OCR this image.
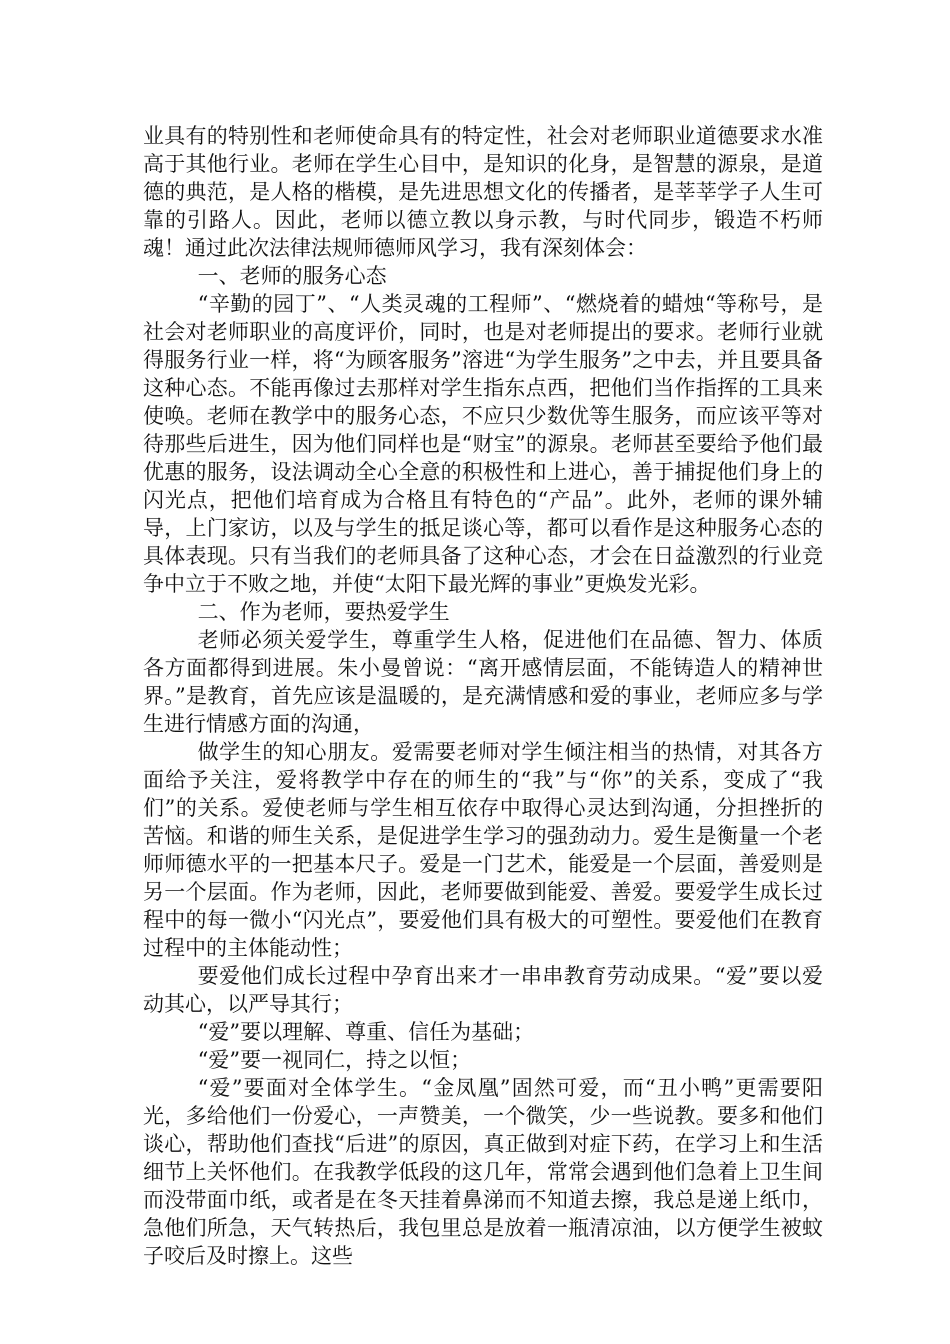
业具有的特别性和老师使命具有的特定性，社会对老师职业道德要求水准高于其他行业。老师在学生心目中，是知识的化身，是智慧的源泉，是道德的典范，是人格的楷模，是先进思想文化的传播者，是莘莘学子人生可靠的引路人。因此，老师以德立教以身示教，与时代同步，锻造不朽师魂！通过此次法律法规师德师风学习，我有深刻体会：

一、老师的服务心态

“辛勤的园丁”、“人类灵魂的工程师”、“燃烧着的蜡烛“等称号，是社会对老师职业的高度评价，同时，也是对老师提出的要求。老师行业就得服务行业一样，将“为顾客服务”溶进“为学生服务”之中去，并且要具备这种心态。不能再像过去那样对学生指东点西，把他们当作指挥的工具来使唤。老师在教学中的服务心态，不应只少数优等生服务，而应该平等对待那些后进生，因为他们同样也是“财宝”的源泉。老师甚至要给予他们最优惠的服务，设法调动全心全意的积极性和上进心，善于捕捉他们身上的闪光点，把他们培育成为合格且有特色的“产品”。此外，老师的课外辅导，上门家访，以及与学生的抵足谈心等，都可以看作是这种服务心态的具体表现。只有当我们的老师具备了这种心态，才会在日益激烈的行业竞争中立于不败之地，并使“太阳下最光辉的事业”更焕发光彩。

二、作为老师，要热爱学生

老师必须关爱学生，尊重学生人格，促进他们在品德、智力、体质各方面都得到进展。朱小曼曾说：“离开感情层面，不能铸造人的精神世界。”是教育，首先应该是温暖的，是充满情感和爱的事业，老师应多与学生进行情感方面的沟通，

做学生的知心朋友。爱需要老师对学生倾注相当的热情，对其各方面给予关注，爱将教学中存在的师生的“我”与“你”的关系，变成了“我们”的关系。爱使老师与学生相互依存中取得心灵达到沟通，分担挫折的苦恼。和谐的师生关系，是促进学生学习的强劲动力。爱生是衡量一个老师师德水平的一把基本尺子。爱是一门艺术，能爱是一个层面，善爱则是另一个层面。作为老师，因此，老师要做到能爱、善爱。要爱学生成长过程中的每一微小“闪光点”，要爱他们具有极大的可塑性。要爱他们在教育过程中的主体能动性；

要爱他们成长过程中孕育出来才一串串教育劳动成果。“爱”要以爱动其心，以严导其行；

“爱”要以理解、尊重、信任为基础；

“爱”要一视同仁，持之以恒；

“爱”要面对全体学生。“金凤凰”固然可爱，而“丑小鸭”更需要阳光，多给他们一份爱心，一声赞美，一个微笑，少一些说教。要多和他们谈心，帮助他们查找“后进”的原因，真正做到对症下药，在学习上和生活细节上关怀他们。在我教学低段的这几年，常常会遇到他们急着上卫生间而没带面巾纸，或者是在冬天挂着鼻涕而不知道去擦，我总是递上纸巾，急他们所急，天气转热后，我包里总是放着一瓶清凉油，以方便学生被蚊子咬后及时擦上。这些
